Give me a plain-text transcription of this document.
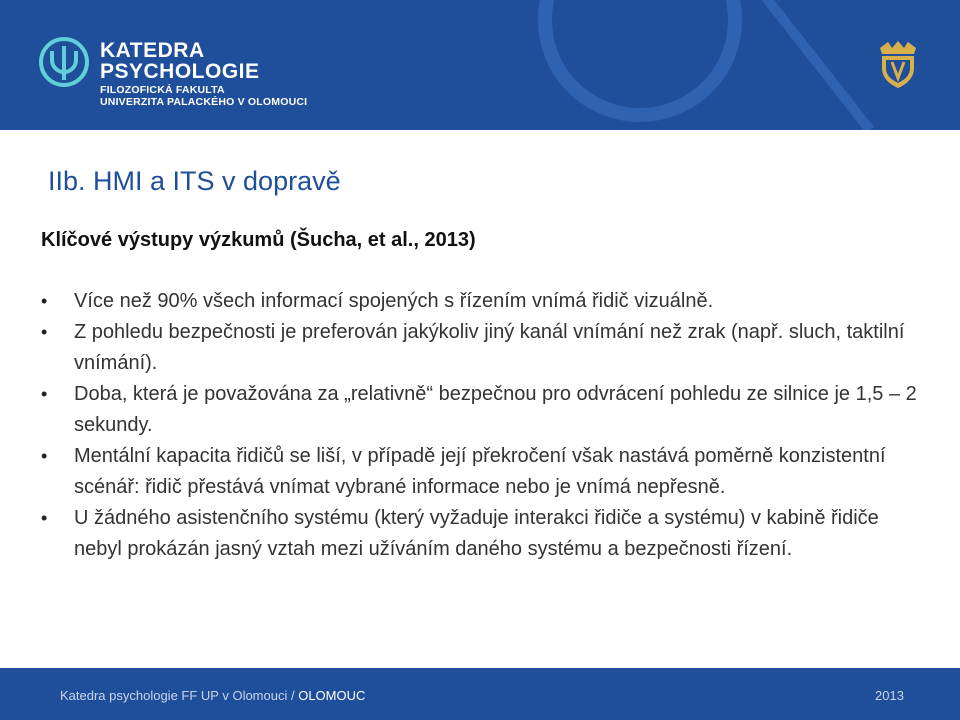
KATEDRA
PSYCHOLOGIE
FILOZOFICKÁ FAKULTA
UNIVERZITA PALACKÉHO V OLOMOUCI
IIb. HMI a ITS v dopravě
Klíčové výstupy výzkumů (Šucha, et al., 2013)
• Více než 90% všech informací spojených s řízením vnímá řidič vizuálně.
• Z pohledu bezpečnosti je preferován jakýkoliv jiný kanál vnímání než zrak (např. sluch, taktilní vnímání).
• Doba, která je považována za „relativně“ bezpečnou pro odvrácení pohledu ze silnice je 1,5 – 2 sekundy.
• Mentální kapacita řidičů se liší, v případě její překročení však nastává poměrně konzistentní scénář: řidič přestává vnímat vybrané informace nebo je vnímá nepřesně.
• U žádného asistenčního systému (který vyžaduje interakci řidiče a systému) v kabině řidiče nebyl prokázán jasný vztah mezi užíváním daného systému a bezpečnosti řízení.
Katedra psychologie FF UP v Olomouci / OLOMOUC	2013
